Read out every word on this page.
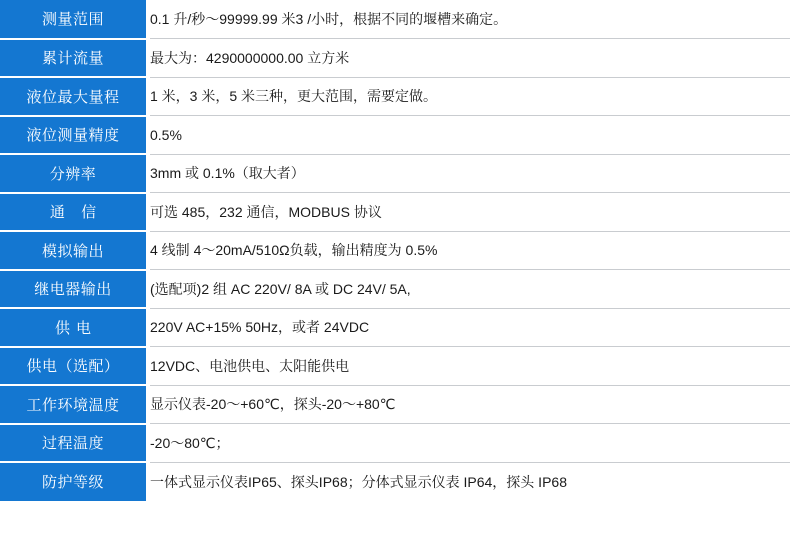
测量范围	0.1 升/秒～99999.99 米3 /小时，根据不同的堰槽来确定。
累计流量	最大为：4290000000.00 立方米
液位最大量程	1 米，3 米，5 米三种，更大范围，需要定做。
液位测量精度	0.5%
分辨率	3mm 或 0.1%（取大者）
通 信	可选 485，232 通信，MODBUS 协议
模拟输出	4 线制 4～20mA/510Ω负载，输出精度为 0.5%
继电器输出	(选配项)2 组 AC 220V/ 8A 或 DC 24V/ 5A,
供电	220V AC+15% 50Hz，或者 24VDC
供电（选配）	12VDC、电池供电、太阳能供电
工作环境温度	显示仪表-20～+60℃，探头-20～+80℃
过程温度	-20～80℃；
防护等级	一体式显示仪表IP65、探头IP68；分体式显示仪表 IP64，探头 IP68
